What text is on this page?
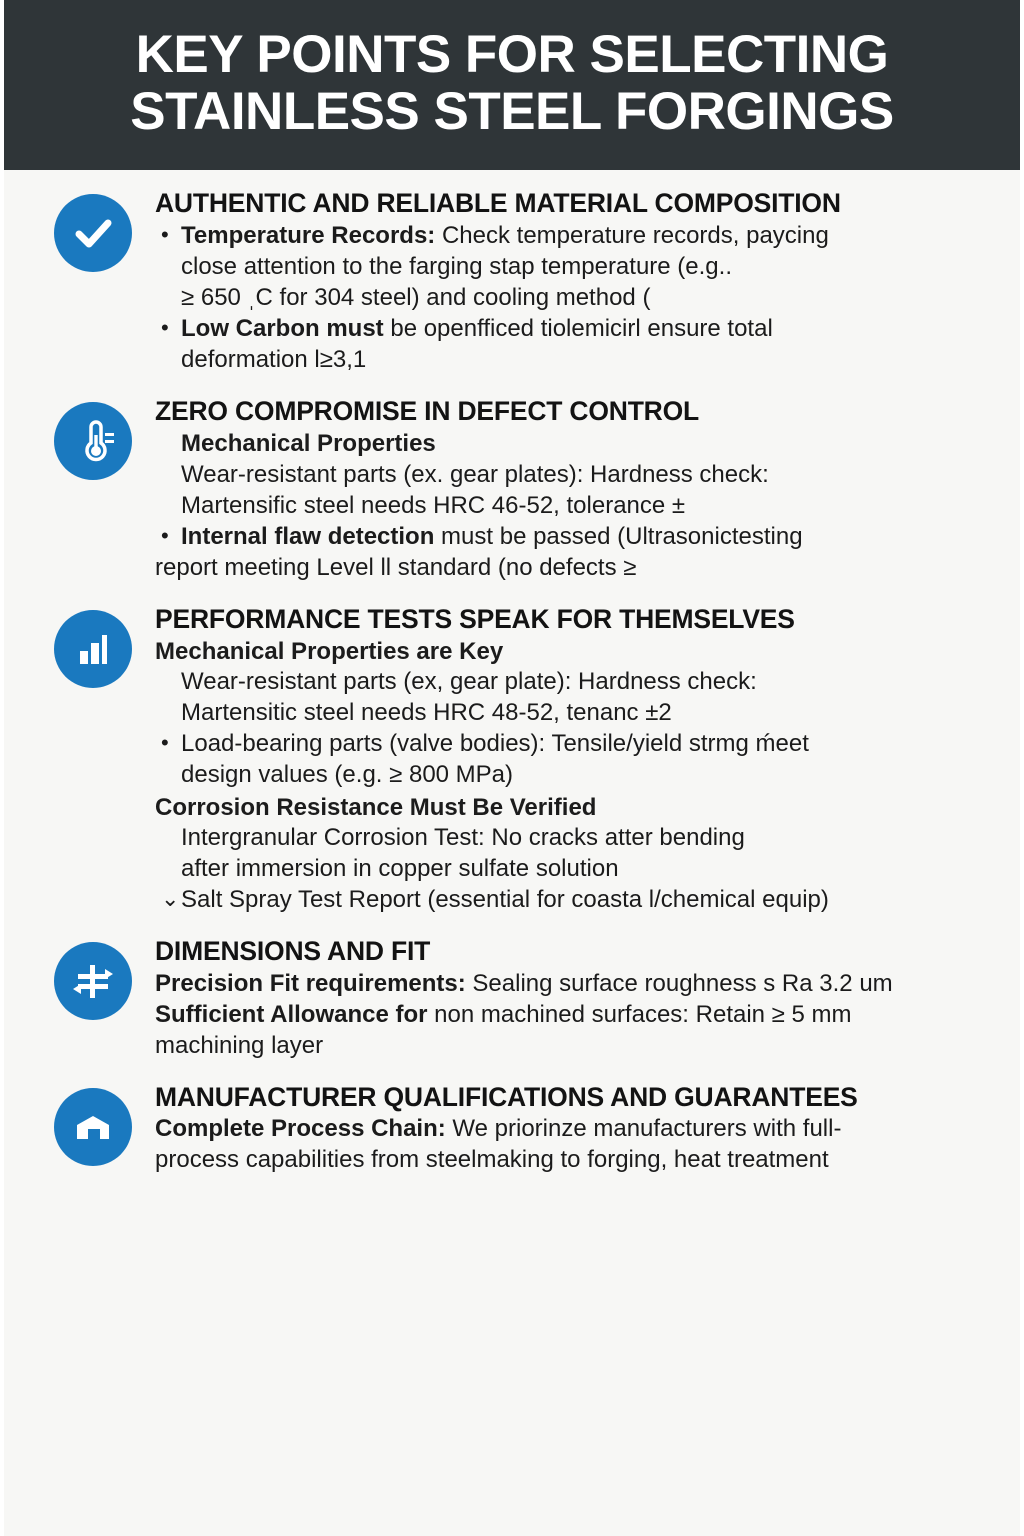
KEY POINTS FOR SELECTING STAINLESS STEEL FORGINGS
AUTHENTIC AND RELIABLE MATERIAL COMPOSITION

• Temperature Records: Check temperature records, paycing

close attention to the farging stap temperature (e.g..

≥ 650 ˌC for 304 steel) and cooling method (

• Low Carbon must be openfficed tiolemicirl ensure total

deformation l≥3,1

ZERO COMPROMISE IN DEFECT CONTROL

Mechanical Properties

Wear-resistant parts (ex. gear plates): Hardness check:

Martensific steel needs HRC 46-52, tolerance ±

• Internal flaw detection must be passed (Ultrasonictesting

report meeting Level ll standard (no defects ≥

PERFORMANCE TESTS SPEAK FOR THEMSELVES

Mechanical Properties are Key

Wear-resistant parts (ex, gear plate): Hardness check:

Martensitic steel needs HRC 48-52, tenanc ±2

• Load-bearing parts (valve bodies): Tensile/yield strmg ḿeet

design values (e.g. ≥ 800 MPa)

Corrosion Resistance Must Be Verified

Intergranular Corrosion Test: No cracks atter bending

after immersion in copper sulfate solution

⌄ Salt Spray Test Report (essential for coasta l/chemical equip)

DIMENSIONS AND FIT

Precision Fit requirements: Sealing surface roughness s Ra 3.2 um

Sufficient Allowance for non machined surfaces: Retain ≥ 5 mm

machining layer

MANUFACTURER QUALIFICATIONS AND GUARANTEES

Complete Process Chain: We priorinze manufacturers with full-

process capabilities from steelmaking to forging, heat treatment
